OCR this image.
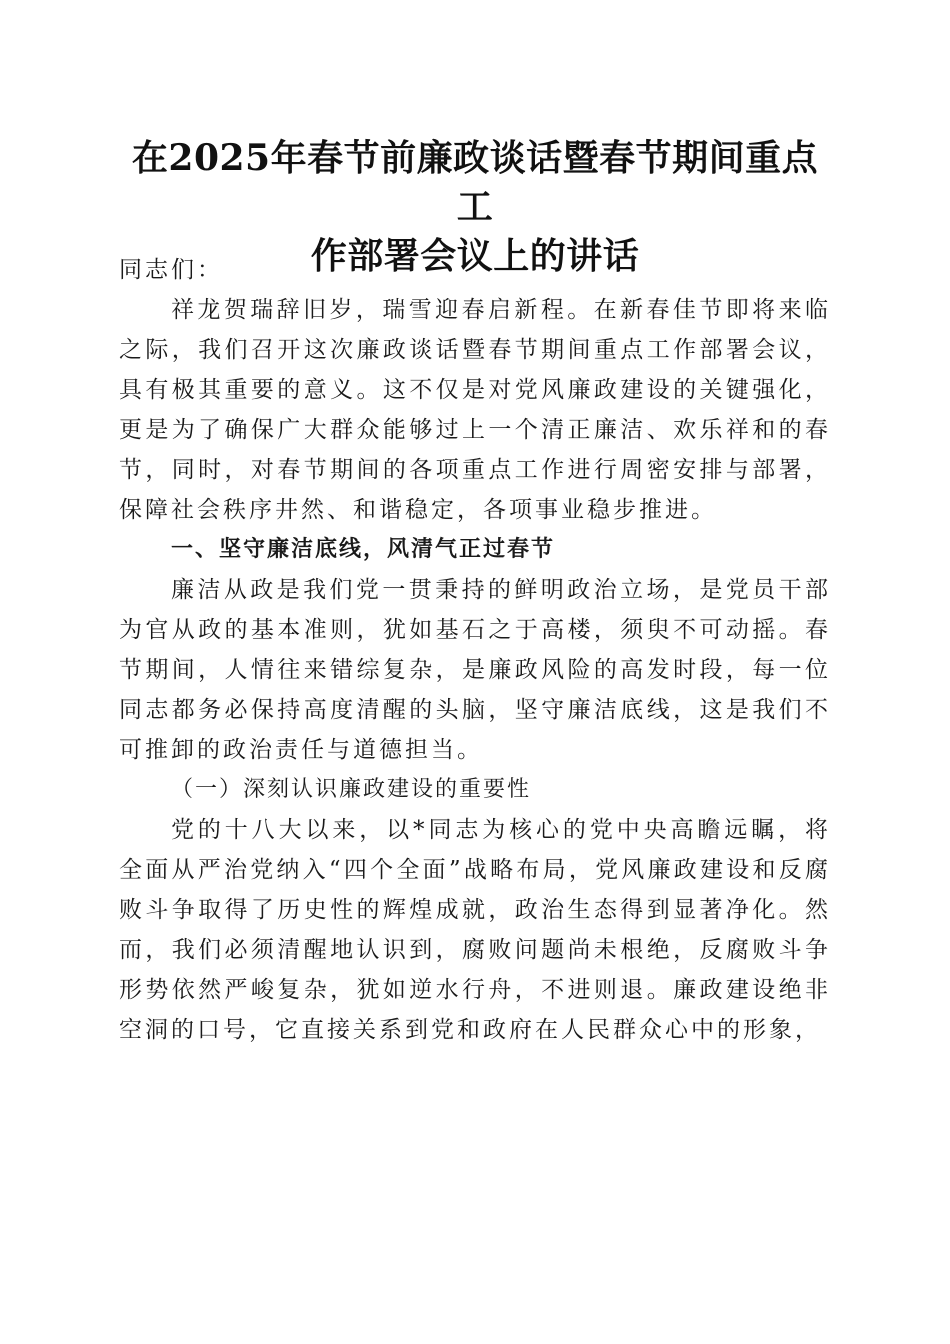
在2025年春节前廉政谈话暨春节期间重点工
作部署会议上的讲话

同志们：

祥龙贺瑞辞旧岁，瑞雪迎春启新程。在新春佳节即将来临之际，我们召开这次廉政谈话暨春节期间重点工作部署会议，具有极其重要的意义。这不仅是对党风廉政建设的关键强化，更是为了确保广大群众能够过上一个清正廉洁、欢乐祥和的春节，同时，对春节期间的各项重点工作进行周密安排与部署，保障社会秩序井然、和谐稳定，各项事业稳步推进。

一、坚守廉洁底线，风清气正过春节

廉洁从政是我们党一贯秉持的鲜明政治立场，是党员干部为官从政的基本准则，犹如基石之于高楼，须臾不可动摇。春节期间，人情往来错综复杂，是廉政风险的高发时段，每一位同志都务必保持高度清醒的头脑，坚守廉洁底线，这是我们不可推卸的政治责任与道德担当。

（一）深刻认识廉政建设的重要性

党的十八大以来，以*同志为核心的党中央高瞻远瞩，将全面从严治党纳入“四个全面”战略布局，党风廉政建设和反腐败斗争取得了历史性的辉煌成就，政治生态得到显著净化。然而，我们必须清醒地认识到，腐败问题尚未根绝，反腐败斗争形势依然严峻复杂，犹如逆水行舟，不进则退。廉政建设绝非空洞的口号，它直接关系到党和政府在人民群众心中的形象，
